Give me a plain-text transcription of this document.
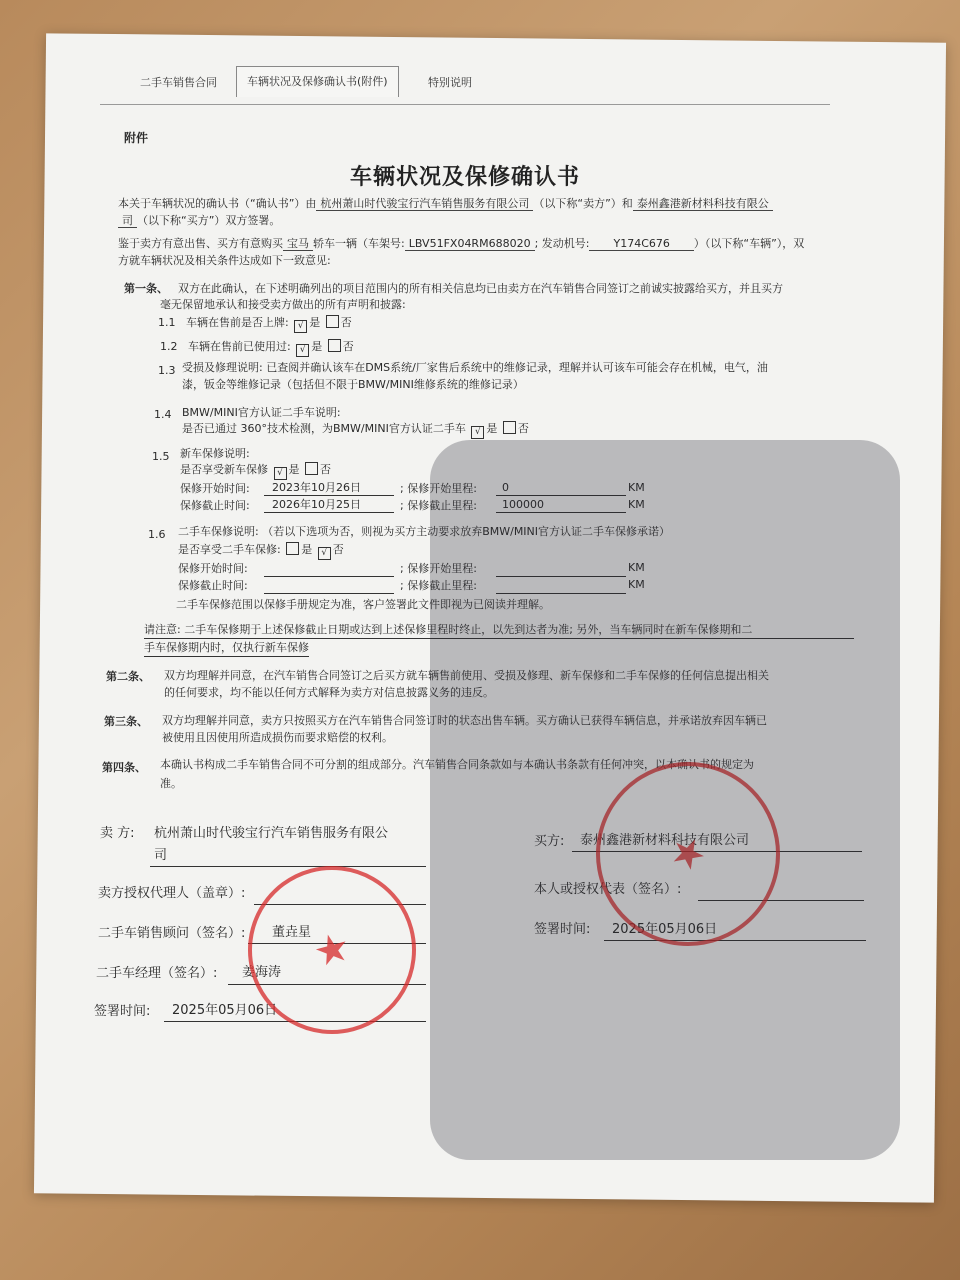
二手车销售合同	车辆状况及保修确认书(附件)	特别说明
附件
车辆状况及保修确认书
本关于车辆状况的确认书（“确认书”）由 杭州萧山时代骏宝行汽车销售服务有限公司 （以下称“卖方”）和 泰州鑫港新材料科技有限公
司 （以下称“买方”）双方签署。
鉴于卖方有意出售、买方有意购买 宝马 轿车一辆（车架号: LBV51FX04RM688020 ; 发动机号: Y174C676 ）（以下称“车辆”），双
方就车辆状况及相关条件达成如下一致意见:
第一条、 双方在此确认，在下述明确列出的项目范围内的所有相关信息均已由卖方在汽车销售合同签订之前诚实披露给买方，并且买方
毫无保留地承认和接受卖方做出的所有声明和披露:
1.1 车辆在售前是否上牌: √ 是 否
1.2 车辆在售前已使用过: √ 是 否
1.3 受损及修理说明: 已查阅并确认该车在DMS系统/厂家售后系统中的维修记录，理解并认可该车可能会存在机械，电气，油
漆，钣金等维修记录（包括但不限于BMW/MINI维修系统的维修记录）
1.4 BMW/MINI官方认证二手车说明:
是否已通过 360°技术检测，为BMW/MINI官方认证二手车 √ 是 否
1.5 新车保修说明:
是否享受新车保修 √ 是 否
保修开始时间: 2023年10月26日	; 保修开始里程: 0	KM
保修截止时间: 2026年10月25日	; 保修截止里程: 100000	KM
1.6 二手车保修说明: （若以下选项为否，则视为买方主动要求放弃BMW/MINI官方认证二手车保修承诺）
是否享受二手车保修: 是 √ 否
保修开始时间:	; 保修开始里程:	KM
保修截止时间:	; 保修截止里程:	KM
二手车保修范围以保修手册规定为准，客户签署此文件即视为已阅读并理解。
请注意: 二手车保修期于上述保修截止日期或达到上述保修里程时终止，以先到达者为准; 另外，当车辆同时在新车保修期和二
手车保修期内时，仅执行新车保修
第二条、 双方均理解并同意，在汽车销售合同签订之后买方就车辆售前使用、受损及修理、新车保修和二手车保修的任何信息提出相关
的任何要求，均不能以任何方式解释为卖方对信息披露义务的违反。
第三条、 双方均理解并同意，卖方只按照买方在汽车销售合同签订时的状态出售车辆。买方确认已获得车辆信息，并承诺放弃因车辆已
被使用且因使用所造成损伤而要求赔偿的权利。
第四条、 本确认书构成二手车销售合同不可分割的组成部分。汽车销售合同条款如与本确认书条款有任何冲突，以本确认书的规定为
准。
卖 方: 杭州萧山时代骏宝行汽车销售服务有限公
司
买方: 泰州鑫港新材料科技有限公司
卖方授权代理人（盖章）:	本人或授权代表（签名）:
二手车销售顾问（签名）: 董垚星	签署时间: 2025年05月06日
二手车经理（签名）: 姜海涛
签署时间: 2025年05月06日
★
★
